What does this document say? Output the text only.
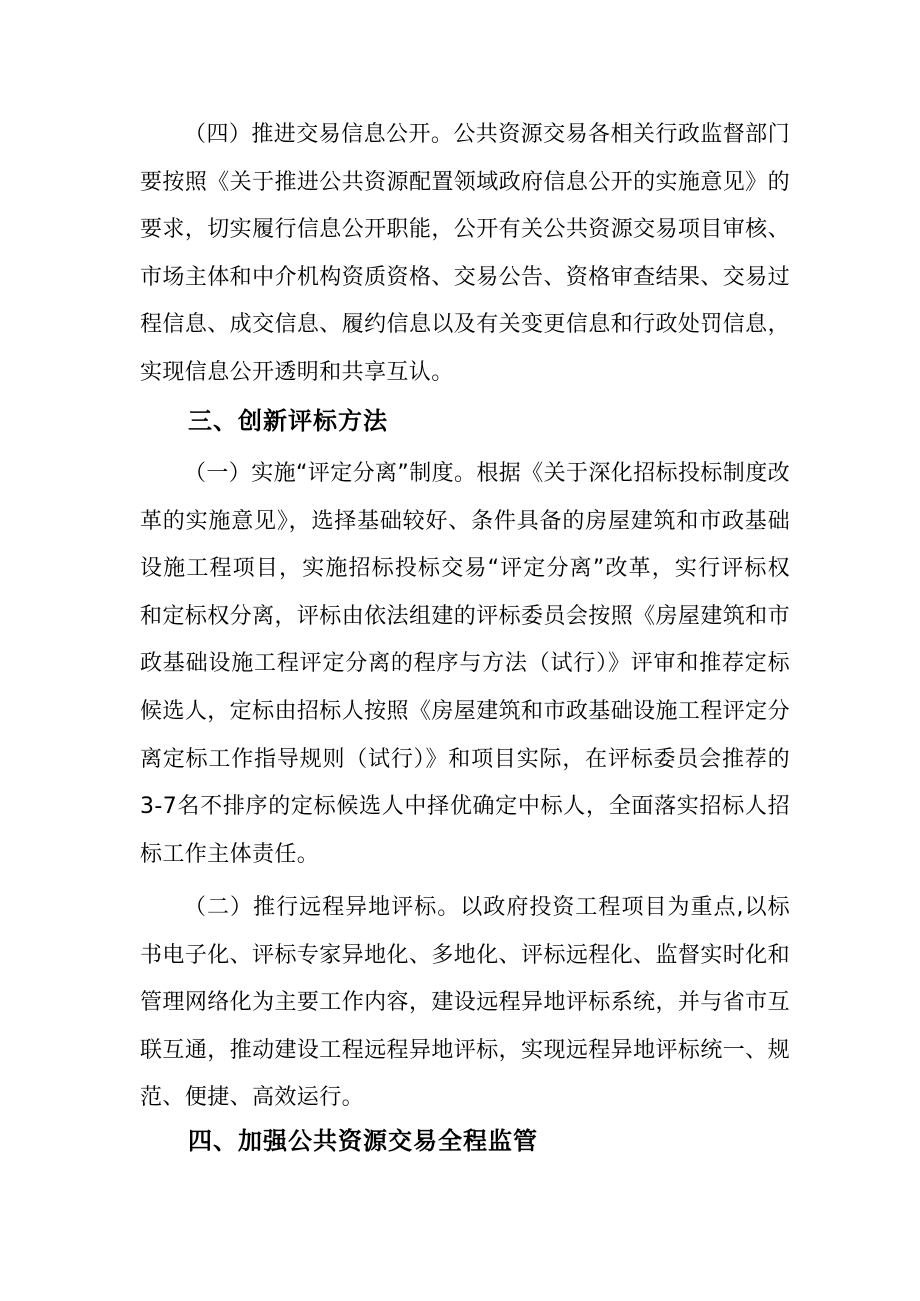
（四）推进交易信息公开。公共资源交易各相关行政监督部门要按照《关于推进公共资源配置领域政府信息公开的实施意见》的要求，切实履行信息公开职能，公开有关公共资源交易项目审核、市场主体和中介机构资质资格、交易公告、资格审查结果、交易过程信息、成交信息、履约信息以及有关变更信息和行政处罚信息，实现信息公开透明和共享互认。

三、创新评标方法

（一）实施“评定分离”制度。根据《关于深化招标投标制度改革的实施意见》，选择基础较好、条件具备的房屋建筑和市政基础设施工程项目，实施招标投标交易“评定分离”改革，实行评标权和定标权分离，评标由依法组建的评标委员会按照《房屋建筑和市政基础设施工程评定分离的程序与方法（试行）》评审和推荐定标候选人，定标由招标人按照《房屋建筑和市政基础设施工程评定分离定标工作指导规则（试行）》和项目实际，在评标委员会推荐的3-7名不排序的定标候选人中择优确定中标人，全面落实招标人招标工作主体责任。

（二）推行远程异地评标。以政府投资工程项目为重点,以标书电子化、评标专家异地化、多地化、评标远程化、监督实时化和管理网络化为主要工作内容，建设远程异地评标系统，并与省市互联互通，推动建设工程远程异地评标，实现远程异地评标统一、规范、便捷、高效运行。

四、加强公共资源交易全程监管
